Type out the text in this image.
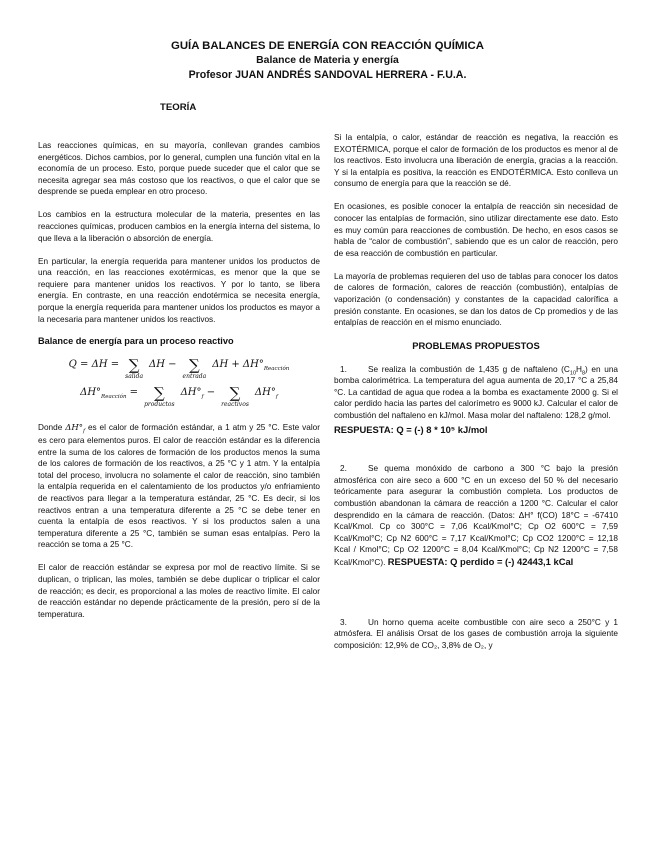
GUÍA BALANCES DE ENERGÍA CON REACCIÓN QUÍMICA
Balance de Materia y energía
Profesor JUAN ANDRÉS SANDOVAL HERRERA - F.U.A.
TEORÍA

Las reacciones químicas, en su mayoría, conllevan grandes cambios energéticos. Dichos cambios, por lo general, cumplen una función vital en la economía de un proceso. Esto, porque puede suceder que el calor que se necesita agregar sea más costoso que los reactivos, o que el calor que se desprende se pueda emplear en otro proceso.

Los cambios en la estructura molecular de la materia, presentes en las reacciones químicas, producen cambios en la energía interna del sistema, lo que lleva a la liberación o absorción de energía.

En particular, la energía requerida para mantener unidos los productos de una reacción, en las reacciones exotérmicas, es menor que la que se requiere para mantener unidos los reactivos. Y por lo tanto, se libera energía. En contraste, en una reacción endotérmica se necesita energía, porque la energía requerida para mantener unidos los productos es mayor a la necesaria para mantener unidos los reactivos.

Balance de energía para un proceso reactivo
Q = ΔH = ∑
salida
ΔH − ∑
entrada
$\Delta H + \Delta H^\circ_{Reacción}$
$\Delta H^\circ_{Reacción}$ = ∑
productos
$\Delta H^\circ_f$ − ∑
reactivos
$\Delta H^\circ_f$

Donde $\Delta H^\circ_f$ es el calor de formación estándar, a 1 atm y 25 °C. Este valor es cero para elementos puros. El calor de reacción estándar es la diferencia entre la suma de los calores de formación de los productos menos la suma de los calores de formación de los reactivos, a 25 °C y 1 atm. Y la entalpía total del proceso, involucra no solamente el calor de reacción, sino también la entalpía requerida en el calentamiento de los productos y/o enfriamiento de reactivos para llegar a la temperatura estándar, 25 °C. Es decir, si los reactivos entran a una temperatura diferente a 25 °C se debe tener en cuenta la entalpía de esos reactivos. Y si los productos salen a una temperatura diferente a 25 °C, también se suman esas entalpías. Pero la reacción se toma a 25 °C.

El calor de reacción estándar se expresa por mol de reactivo límite. Si se duplican, o triplican, las moles, también se debe duplicar o triplicar el calor de reacción; es decir, es proporcional a las moles de reactivo límite. El calor de reacción estándar no depende prácticamente de la presión, pero sí de la temperatura.

Si la entalpía, o calor, estándar de reacción es negativa, la reacción es EXOTÉRMICA, porque el calor de formación de los productos es menor al de los reactivos. Esto involucra una liberación de energía, gracias a la reacción. Y si la entalpía es positiva, la reacción es ENDOTÉRMICA. Esto conlleva un consumo de energía para que la reacción se dé.

En ocasiones, es posible conocer la entalpía de reacción sin necesidad de conocer las entalpías de formación, sino utilizar directamente ese dato. Esto es muy común para reacciones de combustión. De hecho, en esos casos se habla de “calor de combustión”, sabiendo que es un calor de reacción, pero de esa reacción de combustión en particular.

La mayoría de problemas requieren del uso de tablas para conocer los datos de calores de formación, calores de reacción (combustión), entalpías de vaporización (o condensación) y constantes de la capacidad calorífica a presión constante. En ocasiones, se dan los datos de Cp promedios y de las entalpías de reacción en el mismo enunciado.

PROBLEMAS PROPUESTOS

1.	Se realiza la combustión de 1,435 g de naftaleno $(C_{10}H_8)$ en una bomba calorimétrica. La temperatura del agua aumenta de 20,17 °C a 25,84 °C. La cantidad de agua que rodea a la bomba es exactamente 2000 g. Si el calor perdido hacia las partes del calorímetro es 9000 kJ. Calcular el calor de combustión del naftaleno en kJ/mol. Masa molar del naftaleno: 128,2 g/mol.

RESPUESTA: Q = (-) 8 * 10⁵ kJ/mol

2.	Se quema monóxido de carbono a 300 °C bajo la presión atmosférica con aire seco a 600 °C en un exceso del 50 % del necesario teóricamente para asegurar la combustión completa. Los productos de combustión abandonan la cámara de reacción a 1200 °C. Calcular el calor desprendido en la cámara de reacción. (Datos: ΔH° f(CO) 18°C = -67410 Kcal/Kmol. Cp co 300°C = 7,06 Kcal/Kmol°C; Cp O2 600°C = 7,59 Kcal/Kmol°C; Cp N2 600°C = 7,17 Kcal/Kmol°C; Cp CO2 1200°C = 12,18 Kcal / Kmol°C; Cp O2 1200°C = 8,04 Kcal/Kmol°C; Cp N2 1200°C = 7,58 Kcal/Kmol°C). RESPUESTA: Q perdido = (-) 42443,1 kCal

3.	Un horno quema aceite combustible con aire seco a 250°C y 1 atmósfera. El análisis Orsat de los gases de combustión arroja la siguiente composición: 12,9% de CO₂, 3,8% de O₂, y
